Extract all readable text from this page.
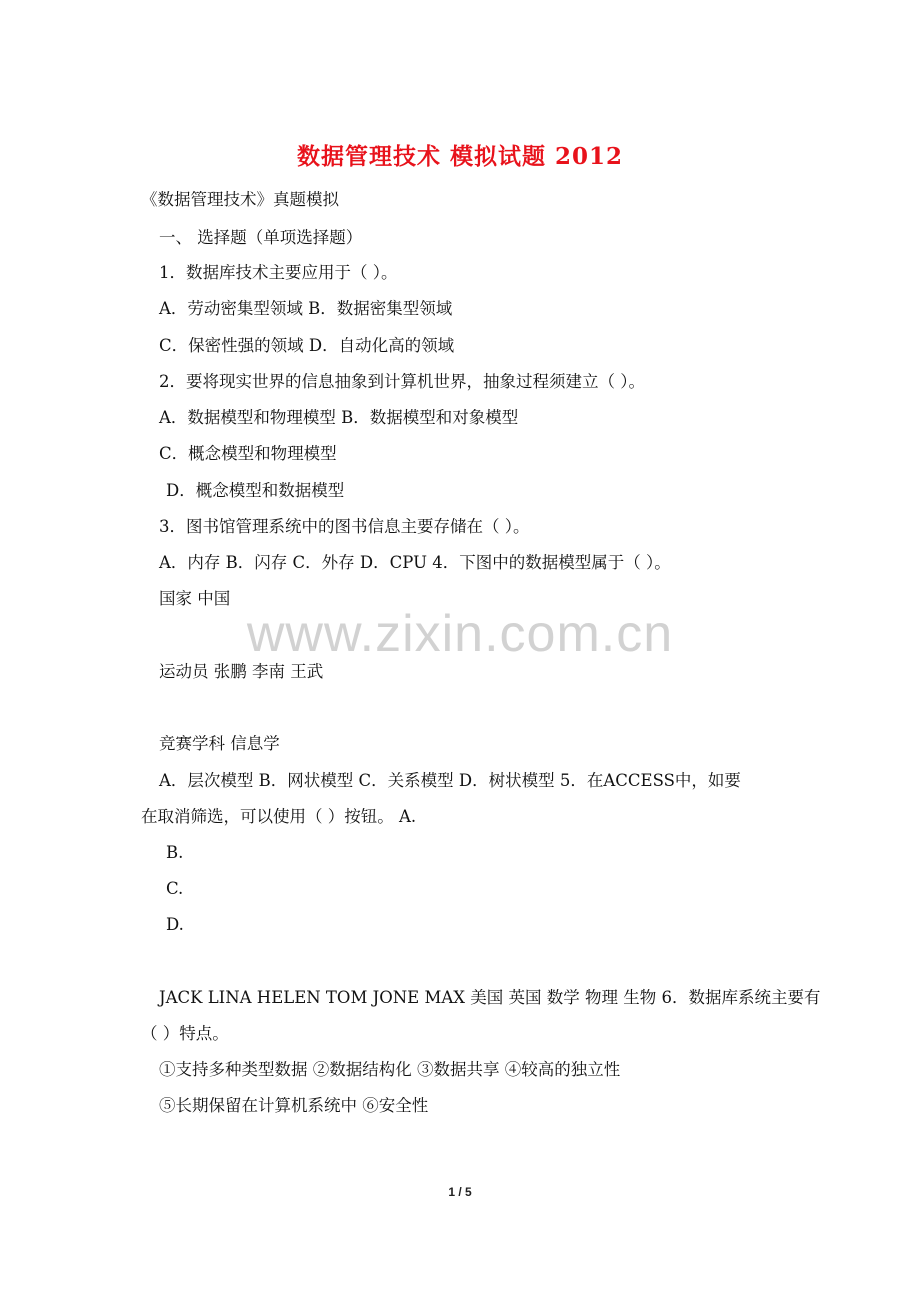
数据管理技术 模拟试题 2012
《数据管理技术》真题模拟
一、 选择题（单项选择题）
1．数据库技术主要应用于（ ）。
A．劳动密集型领域 B．数据密集型领域
C．保密性强的领域 D．自动化高的领域
2．要将现实世界的信息抽象到计算机世界，抽象过程须建立（ ）。
A．数据模型和物理模型 B．数据模型和对象模型
C．概念模型和物理模型
D．概念模型和数据模型
3．图书馆管理系统中的图书信息主要存储在（ ）。
A．内存 B．闪存 C．外存 D．CPU 4．下图中的数据模型属于（ ）。
国家 中国
运动员 张鹏 李南 王武
竞赛学科 信息学
A．层次模型 B．网状模型 C．关系模型 D．树状模型 5．在ACCESS中，如要
在取消筛选，可以使用（ ）按钮。 A.
B.
C.
D.
JACK LINA HELEN TOM JONE MAX 美国 英国 数学 物理 生物 6．数据库系统主要有
（ ）特点。
①支持多种类型数据 ②数据结构化 ③数据共享 ④较高的独立性
⑤长期保留在计算机系统中 ⑥安全性
www.zixin.com.cn
1 / 5
